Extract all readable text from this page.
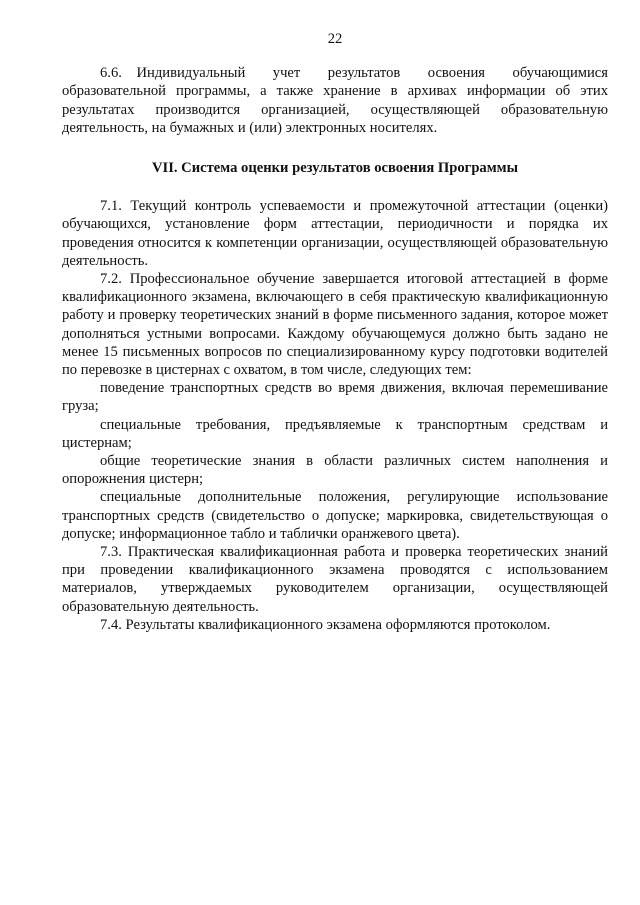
22

6.6. Индивидуальный учет результатов освоения обучающимися образовательной программы, а также хранение в архивах информации об этих результатах производится организацией, осуществляющей образовательную деятельность, на бумажных и (или) электронных носителях.

VII. Система оценки результатов освоения Программы

7.1. Текущий контроль успеваемости и промежуточной аттестации (оценки) обучающихся, установление форм аттестации, периодичности и порядка их проведения относится к компетенции организации, осуществляющей образовательную деятельность.

7.2. Профессиональное обучение завершается итоговой аттестацией в форме квалификационного экзамена, включающего в себя практическую квалификационную работу и проверку теоретических знаний в форме письменного задания, которое может дополняться устными вопросами. Каждому обучающемуся должно быть задано не менее 15 письменных вопросов по специализированному курсу подготовки водителей по перевозке в цистернах с охватом, в том числе, следующих тем:

поведение транспортных средств во время движения, включая перемешивание груза;

специальные требования, предъявляемые к транспортным средствам и цистернам;

общие теоретические знания в области различных систем наполнения и опорожнения цистерн;

специальные дополнительные положения, регулирующие использование транспортных средств (свидетельство о допуске; маркировка, свидетельствующая о допуске; информационное табло и таблички оранжевого цвета).

7.3. Практическая квалификационная работа и проверка теоретических знаний при проведении квалификационного экзамена проводятся с использованием материалов, утверждаемых руководителем организации, осуществляющей образовательную деятельность.

7.4. Результаты квалификационного экзамена оформляются протоколом.
